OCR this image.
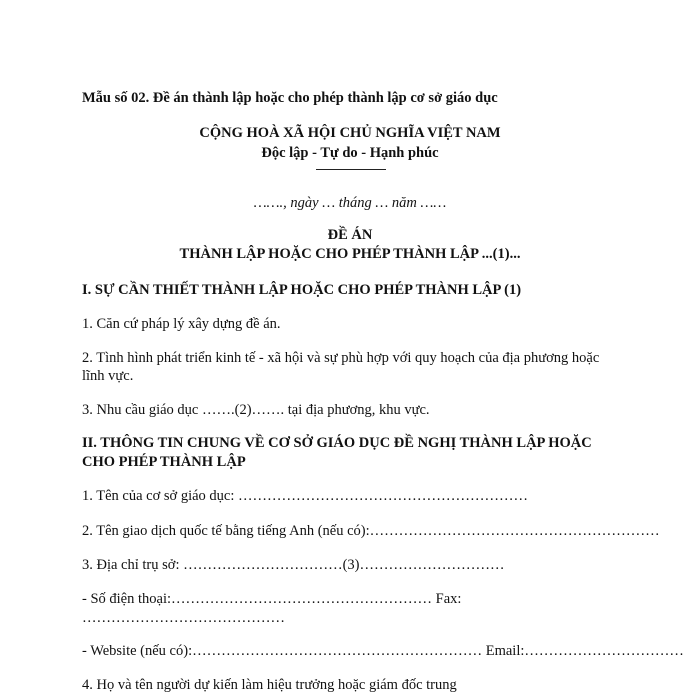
Mẫu số 02. Đề án thành lập hoặc cho phép thành lập cơ sở giáo dục
CỘNG HOÀ XÃ HỘI CHỦ NGHĨA VIỆT NAM
Độc lập - Tự do - Hạnh phúc
……., ngày … tháng … năm ……
ĐỀ ÁN
THÀNH LẬP HOẶC CHO PHÉP THÀNH LẬP ...(1)...
I. SỰ CẦN THIẾT THÀNH LẬP HOẶC CHO PHÉP THÀNH LẬP (1)
1. Căn cứ pháp lý xây dựng đề án.
2. Tình hình phát triển kinh tế - xã hội và sự phù hợp với quy hoạch của địa phương hoặc
lĩnh vực.
3. Nhu cầu giáo dục …….(2)……. tại địa phương, khu vực.
II. THÔNG TIN CHUNG VỀ CƠ SỞ GIÁO DỤC ĐỀ NGHỊ THÀNH LẬP HOẶC
CHO PHÉP THÀNH LẬP
1. Tên của cơ sở giáo dục: ……………………………………………………
2. Tên giao dịch quốc tế bằng tiếng Anh (nếu có):……………………………………………………
3. Địa chỉ trụ sở: ……………………………(3)…………………………
- Số điện thoại:……………………………………………… Fax:
……………………………………
- Website (nếu có):…………………………………………………… Email:……………………………
4. Họ và tên người dự kiến làm hiệu trưởng hoặc giám đốc trung
